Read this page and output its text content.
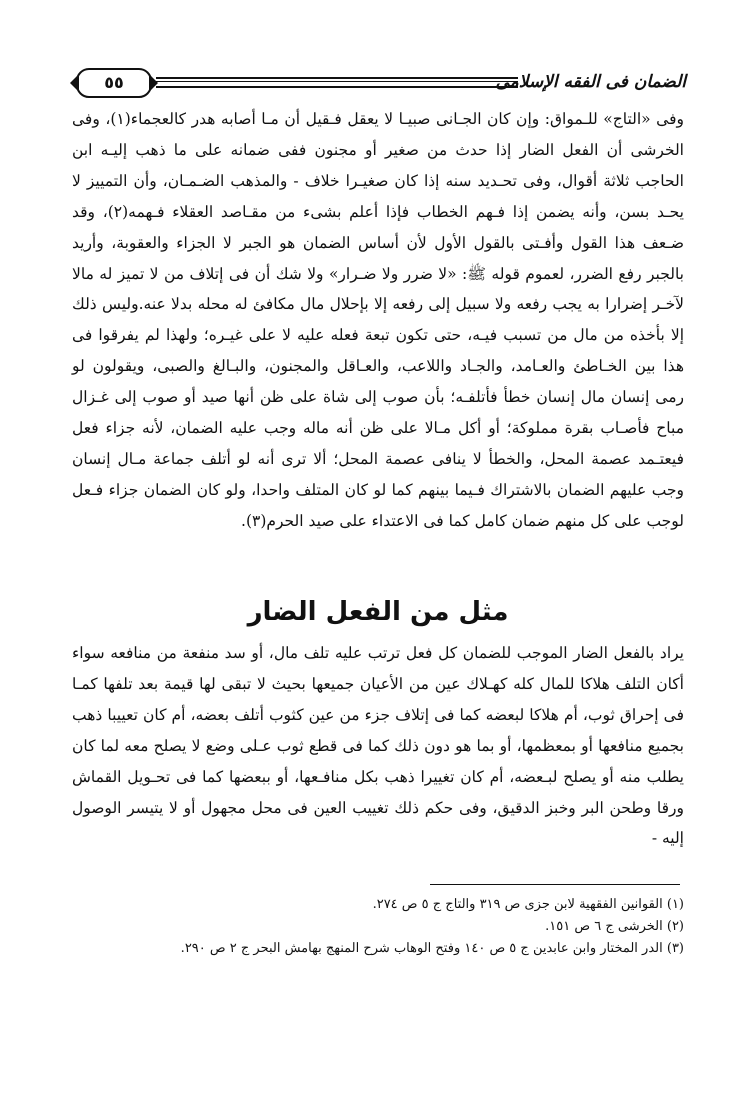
الضمان فى الفقه الإسلامى
٥٥

وفى «التاج» للـمواق: وإن كان الجـانى صبيـا لا يعقل فـقيل أن مـا أصابه هدر كالعجماء(١)، وفى الخرشى أن الفعل الضار إذا حدث من صغير أو مجنون ففى ضمانه على ما ذهب إليـه ابن الحاجب ثلاثة أقوال، وفى تحـديد سنه إذا كان صغيـرا خلاف - والمذهب الضـمـان، وأن التمييز لا يحـد بسن، وأنه يضمن إذا فـهم الخطاب فإذا أعلم بشىء من مقـاصد العقلاء فـهمه(٢)، وقد ضـعف هذا القول وأفـتى بالقول الأول لأن أساس الضمان هو الجبر لا الجزاء والعقوبة، وأريد بالجبر رفع الضرر، لعموم قوله ﷺ: «لا ضرر ولا ضـرار» ولا شك أن فى إتلاف من لا تميز له مالا لآخـر إضرارا به يجب رفعه ولا سبيل إلى رفعه إلا بإحلال مال مكافئ له محله بدلا عنه.وليس ذلك إلا بأخذه من مال من تسبب فيـه، حتى تكون تبعة فعله عليه لا على غيـره؛ ولهذا لم يفرقوا فى هذا بين الخـاطئ والعـامد، والجـاد واللاعب، والعـاقل والمجنون، والبـالغ والصبى، ويقولون لو رمى إنسان مال إنسان خطأ فأتلفـه؛ بأن صوب إلى شاة على ظن أنها صيد أو صوب إلى غـزال مباح فأصـاب بقرة مملوكة؛ أو أكل مـالا على ظن أنه ماله وجب عليه الضمان، لأنه جزاء فعل فيعتـمد عصمة المحل، والخطأ لا ينافى عصمة المحل؛ ألا ترى أنه لو أتلف جماعة مـال إنسان وجب عليهم الضمان بالاشتراك فـيما بينهم كما لو كان المتلف واحدا، ولو كان الضمان جزاء فـعل لوجب على كل منهم ضمان كامل كما فى الاعتداء على صيد الحرم(٣).

مثل من الفعل الضار

يراد بالفعل الضار الموجب للضمان كل فعل ترتب عليه تلف مال، أو سد منفعة من منافعه سواء أكان التلف هلاكا للمال كله كهـلاك عين من الأعيان جميعها بحيث لا تبقى لها قيمة بعد تلفها كمـا فى إحراق ثوب، أم هلاكا لبعضه كما فى إتلاف جزء من عين كثوب أتلف بعضه، أم كان تعييبا ذهب بجميع منافعها أو بمعظمها، أو بما هو دون ذلك كما فى قطع ثوب عـلى وضع لا يصلح معه لما كان يطلب منه أو يصلح لبـعضه، أم كان تغييرا ذهب بكل منافـعها، أو ببعضها كما فى تحـويل القماش ورقا وطحن البر وخبز الدقيق، وفى حكم ذلك تغييب العين فى محل مجهول أو لا يتيسر الوصول إليه -

(١) القوانين الفقهية لابن جزى ص ٣١٩ والتاج ج ٥ ص ٢٧٤.
(٢) الخرشى ج ٦ ص ١٥١.
(٣) الدر المختار وابن عابدين ج ٥ ص ١٤٠ وفتح الوهاب شرح المنهج بهامش البحر ج ٢ ص ٢٩٠.
